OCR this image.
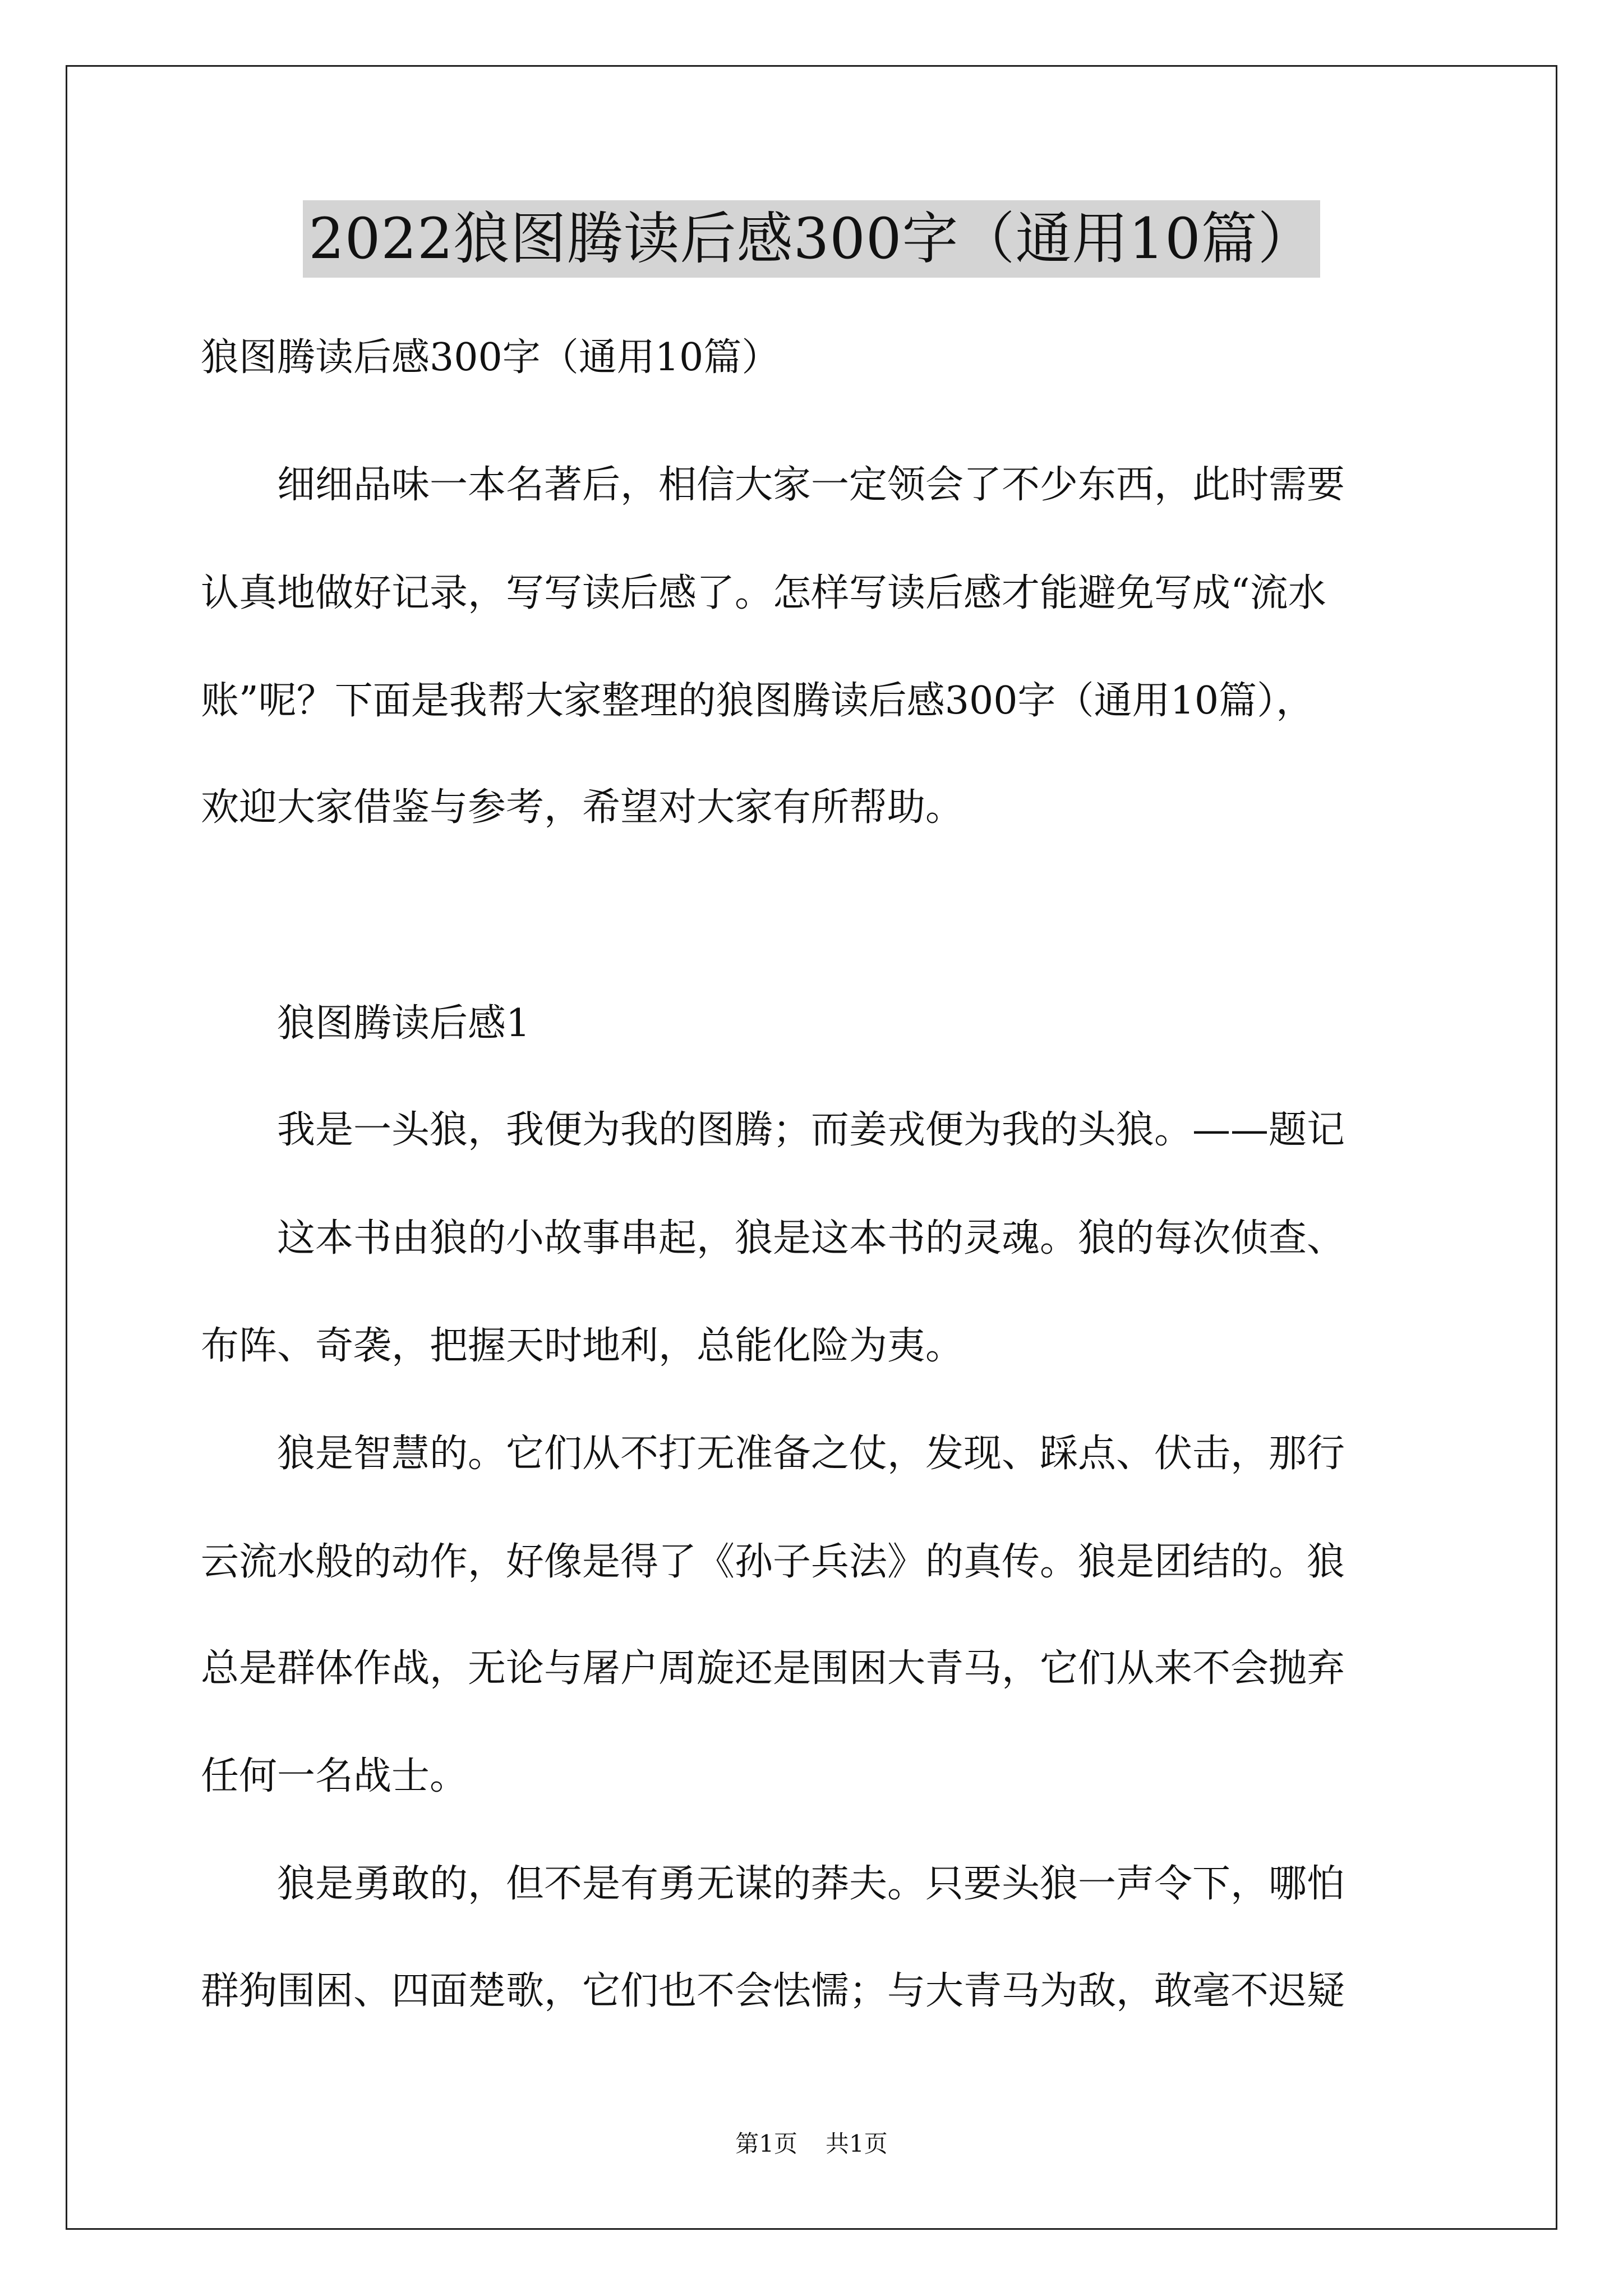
2022狼图腾读后感300字（通用10篇）
狼图腾读后感300字（通用10篇）
　　细细品味一本名著后，相信大家一定领会了不少东西，此时需要
认真地做好记录，写写读后感了。怎样写读后感才能避免写成“流水
账”呢？下面是我帮大家整理的狼图腾读后感300字（通用10篇），
欢迎大家借鉴与参考，希望对大家有所帮助。
　　狼图腾读后感1
　　我是一头狼，我便为我的图腾；而姜戎便为我的头狼。——题记
　　这本书由狼的小故事串起，狼是这本书的灵魂。狼的每次侦查、
布阵、奇袭，把握天时地利，总能化险为夷。
　　狼是智慧的。它们从不打无准备之仗，发现、踩点、伏击，那行
云流水般的动作，好像是得了《孙子兵法》的真传。狼是团结的。狼
总是群体作战，无论与屠户周旋还是围困大青马，它们从来不会抛弃
任何一名战士。
　　狼是勇敢的，但不是有勇无谋的莽夫。只要头狼一声令下，哪怕
群狗围困、四面楚歌，它们也不会怯懦；与大青马为敌，敢毫不迟疑
第1页 共1页
